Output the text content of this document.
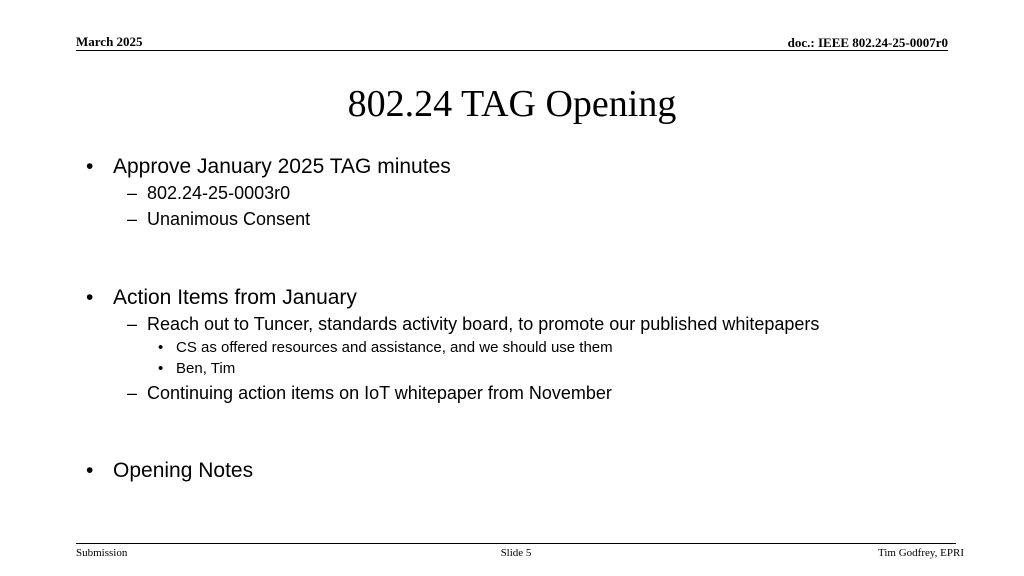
March 2025	doc.: IEEE 802.24-25-0007r0
802.24 TAG Opening
• Approve January 2025 TAG minutes
– 802.24-25-0003r0
– Unanimous Consent
• Action Items from January
– Reach out to Tuncer, standards activity board, to promote our published whitepapers
• CS as offered resources and assistance, and we should use them
• Ben, Tim
– Continuing action items on IoT whitepaper from November
• Opening Notes
Submission	Slide 5	Tim Godfrey, EPRI
